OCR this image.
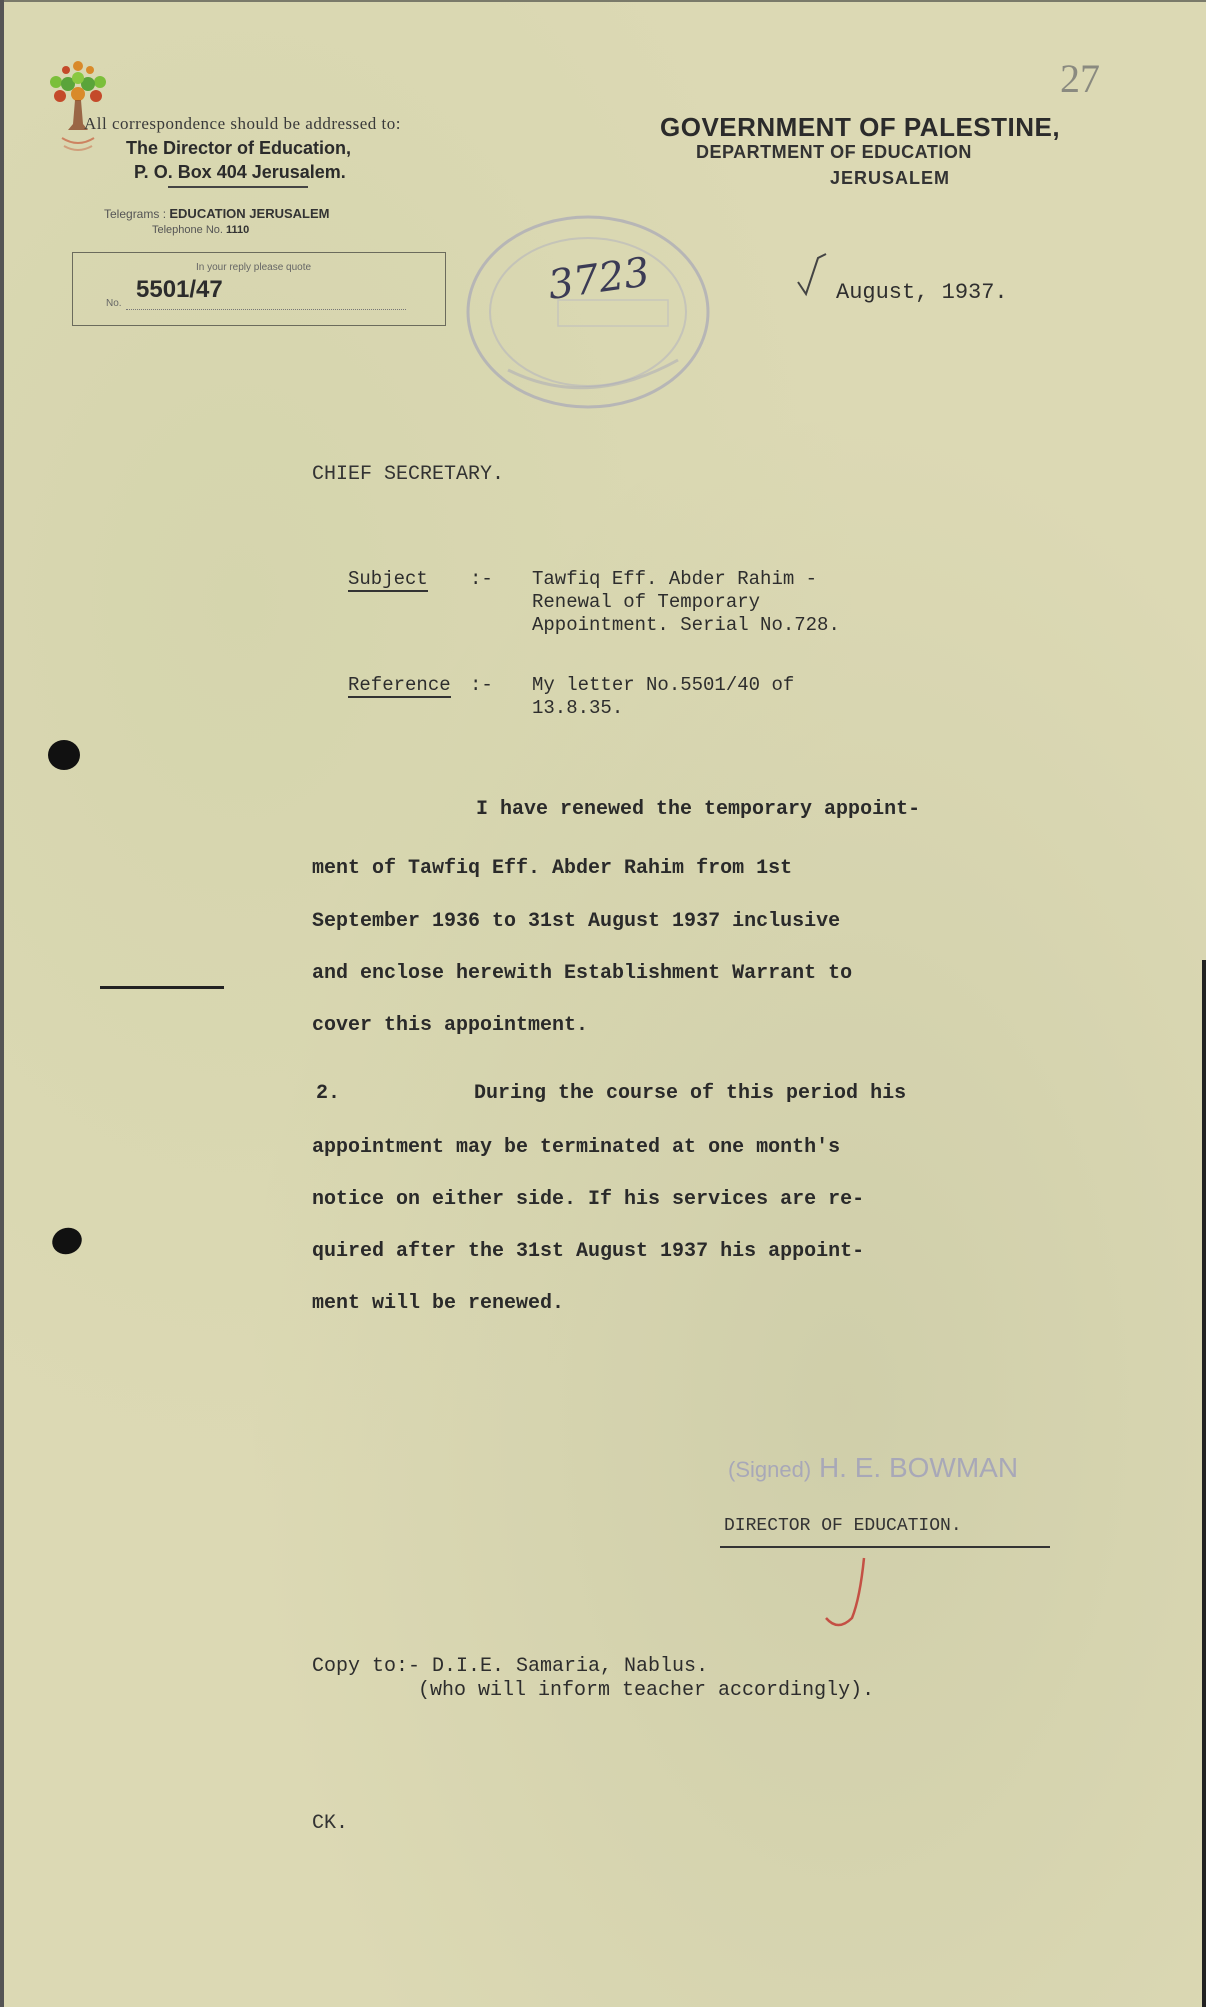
27
All correspondence should be addressed to:
The Director of Education,
P. O. Box 404 Jerusalem.
Telegrams : EDUCATION JERUSALEM
Telephone No. 1110
In your reply please quote
No.
5501/47
GOVERNMENT OF PALESTINE,
DEPARTMENT OF EDUCATION
JERUSALEM
3723	August, 1937.
CHIEF SECRETARY.
Subject :- Tawfiq Eff. Abder Rahim -
Renewal of Temporary
Appointment. Serial No.728.
Reference :- My letter No.5501/40 of
13.8.35.
I have renewed the temporary appoint-
ment of Tawfiq Eff. Abder Rahim from 1st
September 1936 to 31st August 1937 inclusive
and enclose herewith Establishment Warrant to
cover this appointment.
2.	During the course of this period his
appointment may be terminated at one month's
notice on either side. If his services are re-
quired after the 31st August 1937 his appoint-
ment will be renewed.
(Signed) H. E. BOWMAN
DIRECTOR OF EDUCATION.
Copy to:- D.I.E. Samaria, Nablus.
(who will inform teacher accordingly).
CK.
